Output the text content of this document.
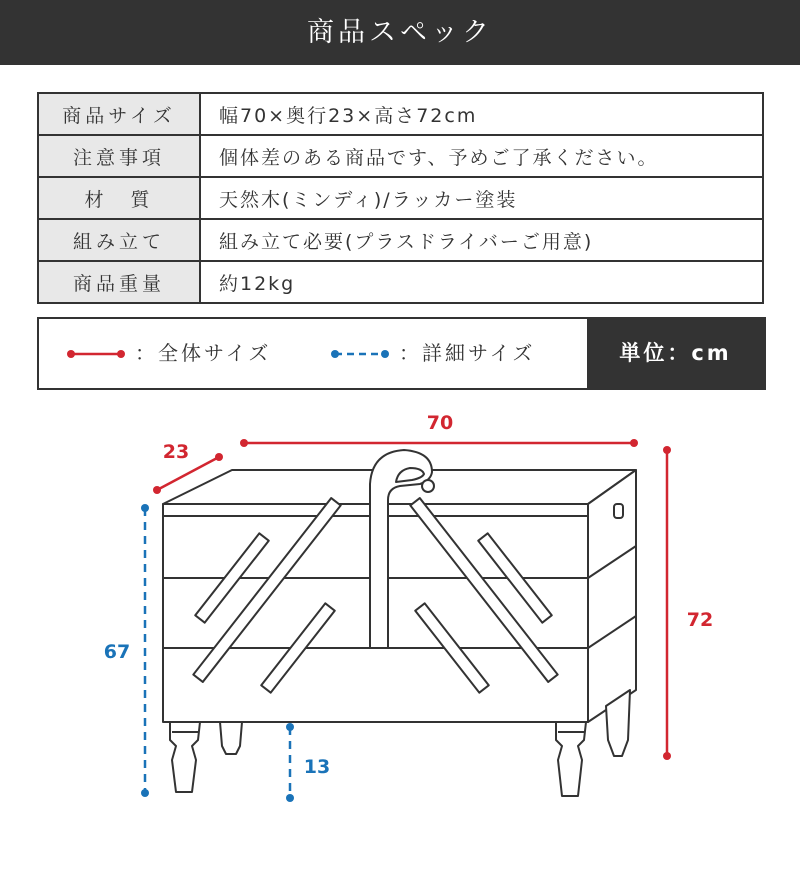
商品スペック
商品サイズ	幅70×奥行23×高さ72cm
注意事項	個体差のある商品です、予めご了承ください。
材　質	天然木(ミンディ)/ラッカー塗装
組み立て	組み立て必要(プラスドライバーご用意)
商品重量	約12kg
：全体サイズ	：詳細サイズ	単位：cm
70
23
72
67
13
